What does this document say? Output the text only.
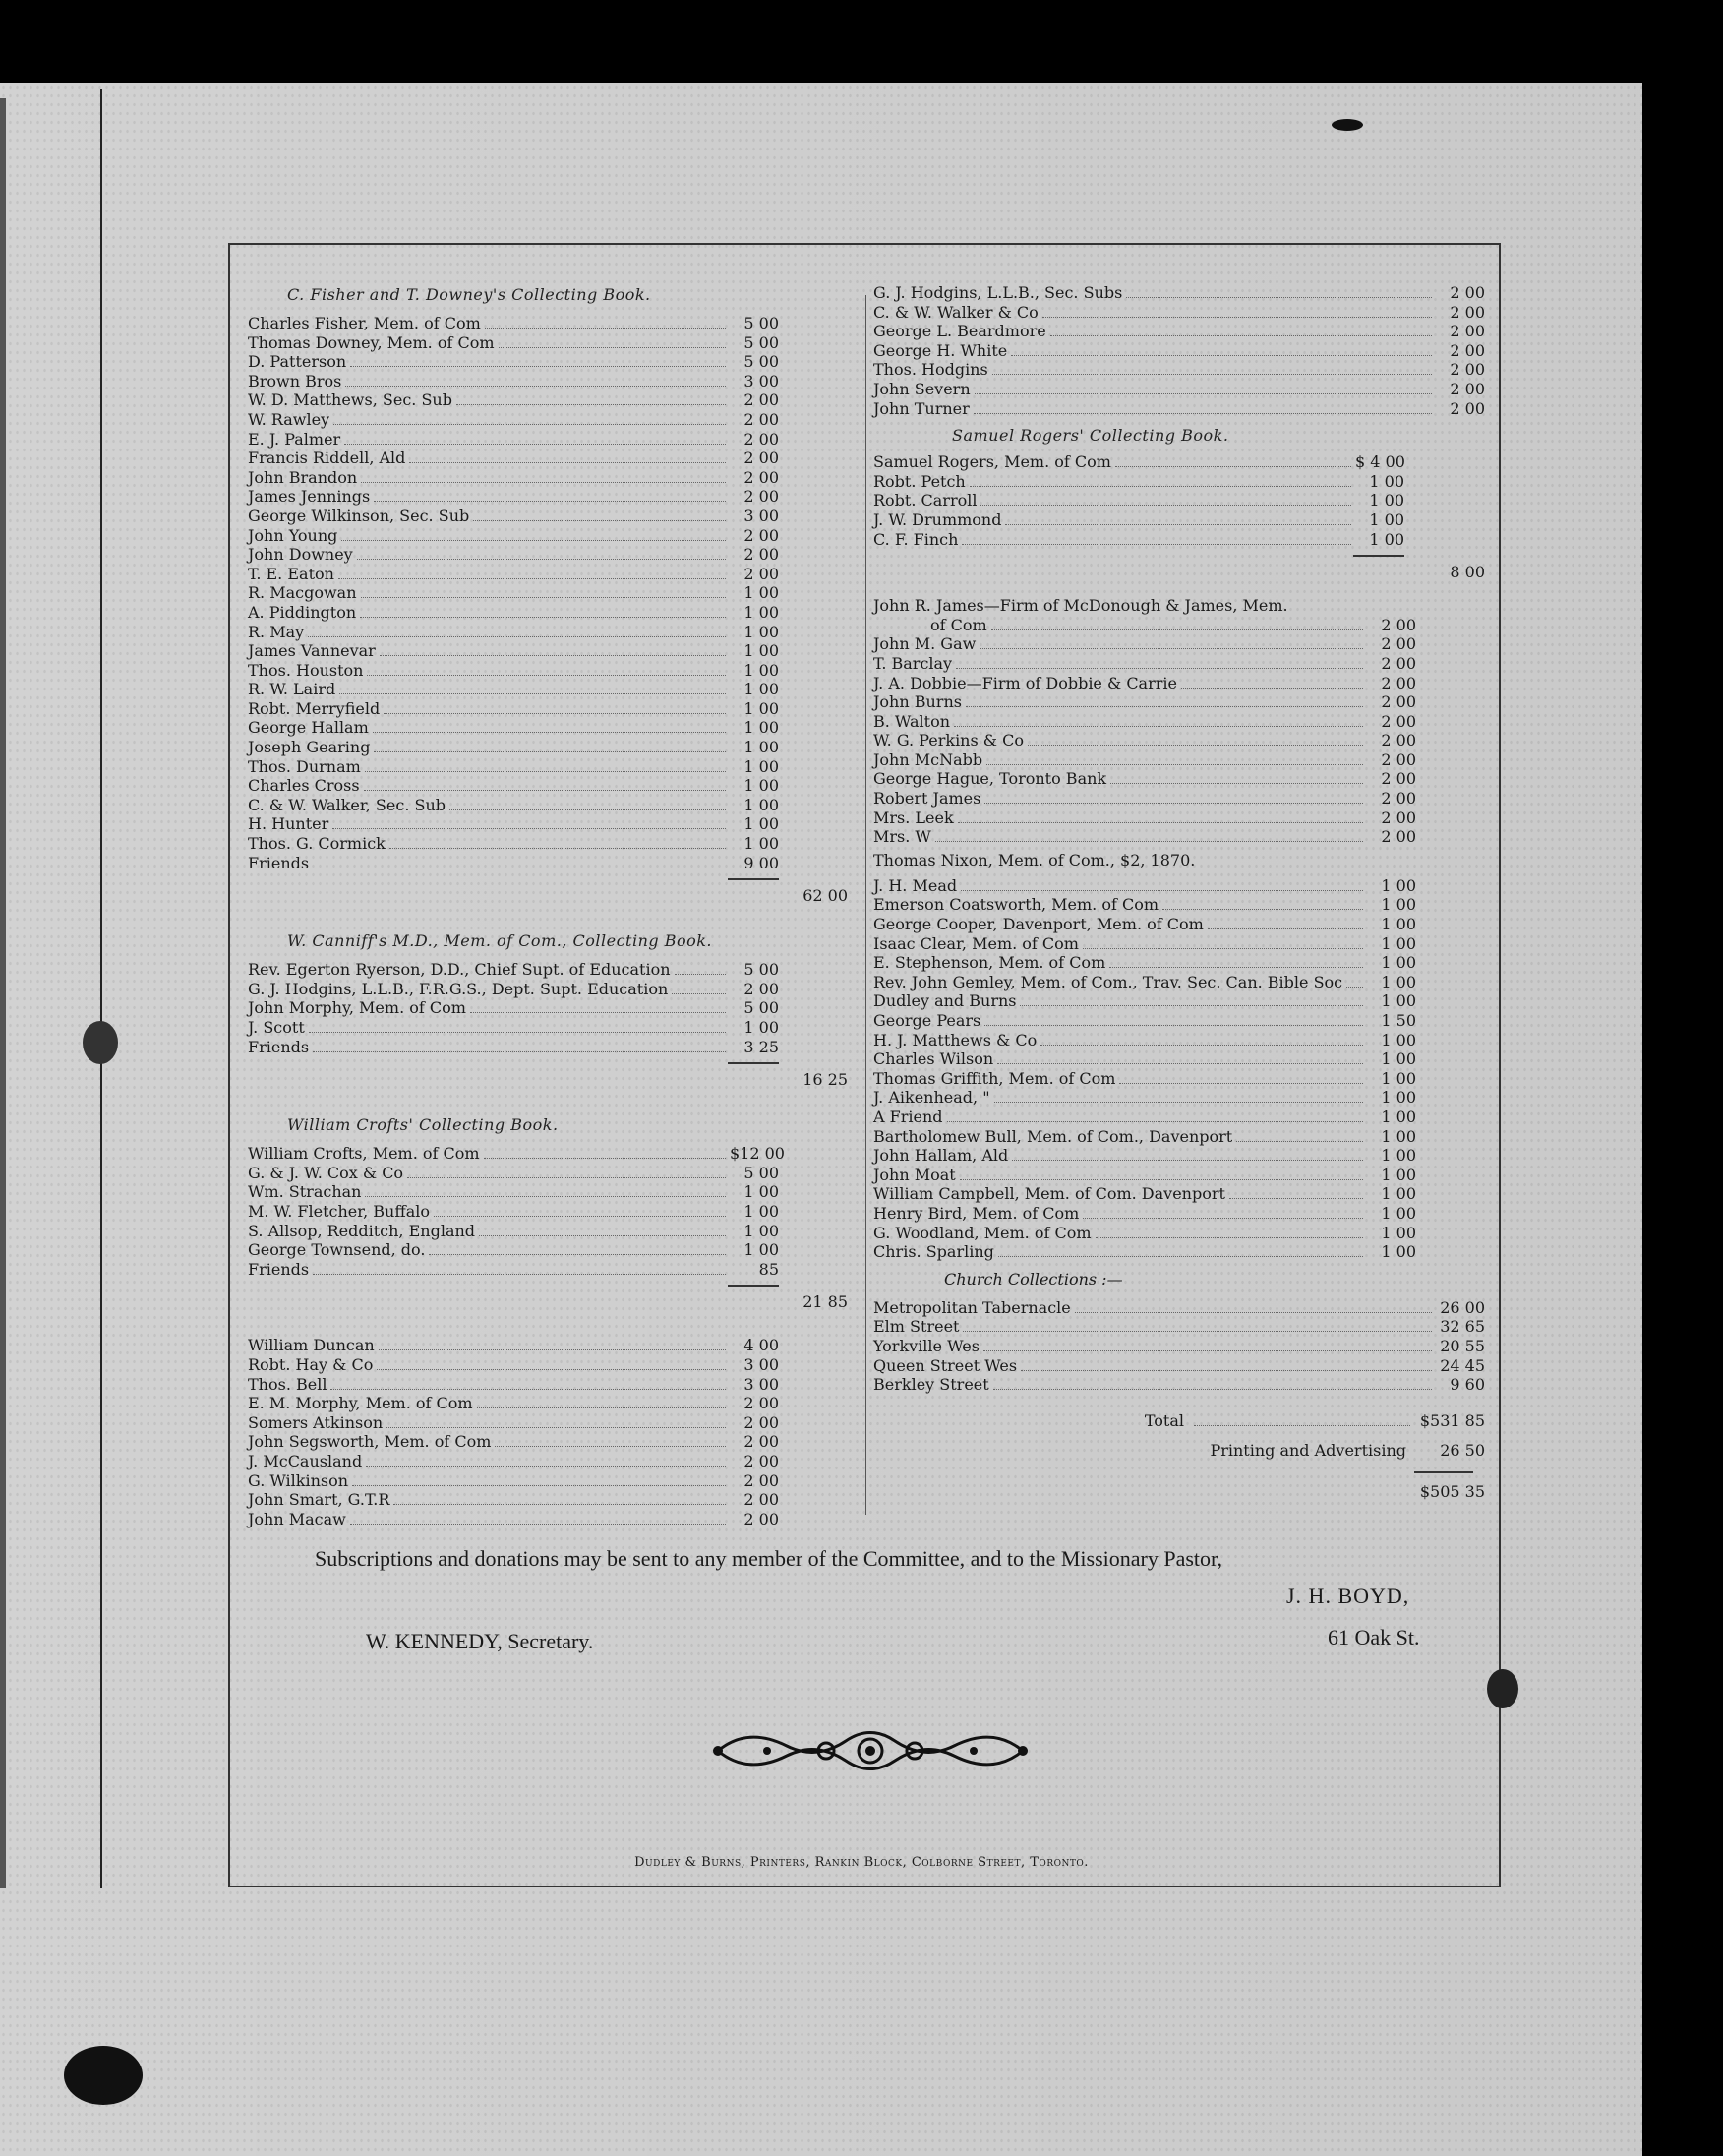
C. Fisher and T. Downey's Collecting Book.
Charles Fisher, Mem. of Com	5 00
Thomas Downey, Mem. of Com	5 00
D. Patterson	5 00
Brown Bros	3 00
W. D. Matthews, Sec. Sub	2 00
W. Rawley	2 00
E. J. Palmer	2 00
Francis Riddell, Ald	2 00
John Brandon	2 00
James Jennings	2 00
George Wilkinson, Sec. Sub	3 00
John Young	2 00
John Downey	2 00
T. E. Eaton	2 00
R. Macgowan	1 00
A. Piddington	1 00
R. May	1 00
James Vannevar	1 00
Thos. Houston	1 00
R. W. Laird	1 00
Robt. Merryfield	1 00
George Hallam	1 00
Joseph Gearing	1 00
Thos. Durnam	1 00
Charles Cross	1 00
C. & W. Walker, Sec. Sub	1 00
H. Hunter	1 00
Thos. G. Cormick	1 00
Friends	9 00
62 00
W. Canniff's M.D., Mem. of Com., Collecting Book.
Rev. Egerton Ryerson, D.D., Chief Supt. of Education	5 00
G. J. Hodgins, L.L.B., F.R.G.S., Dept. Supt. Education	2 00
John Morphy, Mem. of Com	5 00
J. Scott	1 00
Friends	3 25
16 25
William Crofts' Collecting Book.
William Crofts, Mem. of Com	$12 00
G. & J. W. Cox & Co	5 00
Wm. Strachan	1 00
M. W. Fletcher, Buffalo	1 00
S. Allsop, Redditch, England	1 00
George Townsend, do.	1 00
Friends	85
21 85
William Duncan	4 00
Robt. Hay & Co	3 00
Thos. Bell	3 00
E. M. Morphy, Mem. of Com	2 00
Somers Atkinson	2 00
John Segsworth, Mem. of Com	2 00
J. McCausland	2 00
G. Wilkinson	2 00
John Smart, G.T.R	2 00
John Macaw	2 00
G. J. Hodgins, L.L.B., Sec. Subs	2 00
C. & W. Walker & Co	2 00
George L. Beardmore	2 00
George H. White	2 00
Thos. Hodgins	2 00
John Severn	2 00
John Turner	2 00
Samuel Rogers' Collecting Book.
Samuel Rogers, Mem. of Com	$ 4 00
Robt. Petch	1 00
Robt. Carroll	1 00
J. W. Drummond	1 00
C. F. Finch	1 00
8 00
John R. James—Firm of McDonough & James, Mem.
of Com	2 00
John M. Gaw	2 00
T. Barclay	2 00
J. A. Dobbie—Firm of Dobbie & Carrie	2 00
John Burns	2 00
B. Walton	2 00
W. G. Perkins & Co	2 00
John McNabb	2 00
George Hague, Toronto Bank	2 00
Robert James	2 00
Mrs. Leek	2 00
Mrs. W	2 00
Thomas Nixon, Mem. of Com., $2, 1870.
J. H. Mead	1 00
Emerson Coatsworth, Mem. of Com	1 00
George Cooper, Davenport, Mem. of Com	1 00
Isaac Clear, Mem. of Com	1 00
E. Stephenson, Mem. of Com	1 00
Rev. John Gemley, Mem. of Com., Trav. Sec. Can. Bible Soc	1 00
Dudley and Burns	1 00
George Pears	1 50
H. J. Matthews & Co	1 00
Charles Wilson	1 00
Thomas Griffith, Mem. of Com	1 00
J. Aikenhead, "	1 00
A Friend	1 00
Bartholomew Bull, Mem. of Com., Davenport	1 00
John Hallam, Ald	1 00
John Moat	1 00
William Campbell, Mem. of Com. Davenport	1 00
Henry Bird, Mem. of Com	1 00
G. Woodland, Mem. of Com	1 00
Chris. Sparling	1 00
Church Collections :—
Metropolitan Tabernacle	26 00
Elm Street	32 65
Yorkville Wes	20 55
Queen Street Wes	24 45
Berkley Street	9 60
Total	$531 85
Printing and Advertising	26 50
$505 35
Subscriptions and donations may be sent to any member of the Committee, and to the Missionary Pastor,
J. H. BOYD,
W. KENNEDY, Secretary.	61 Oak St.
Dudley & Burns, Printers, Rankin Block, Colborne Street, Toronto.
